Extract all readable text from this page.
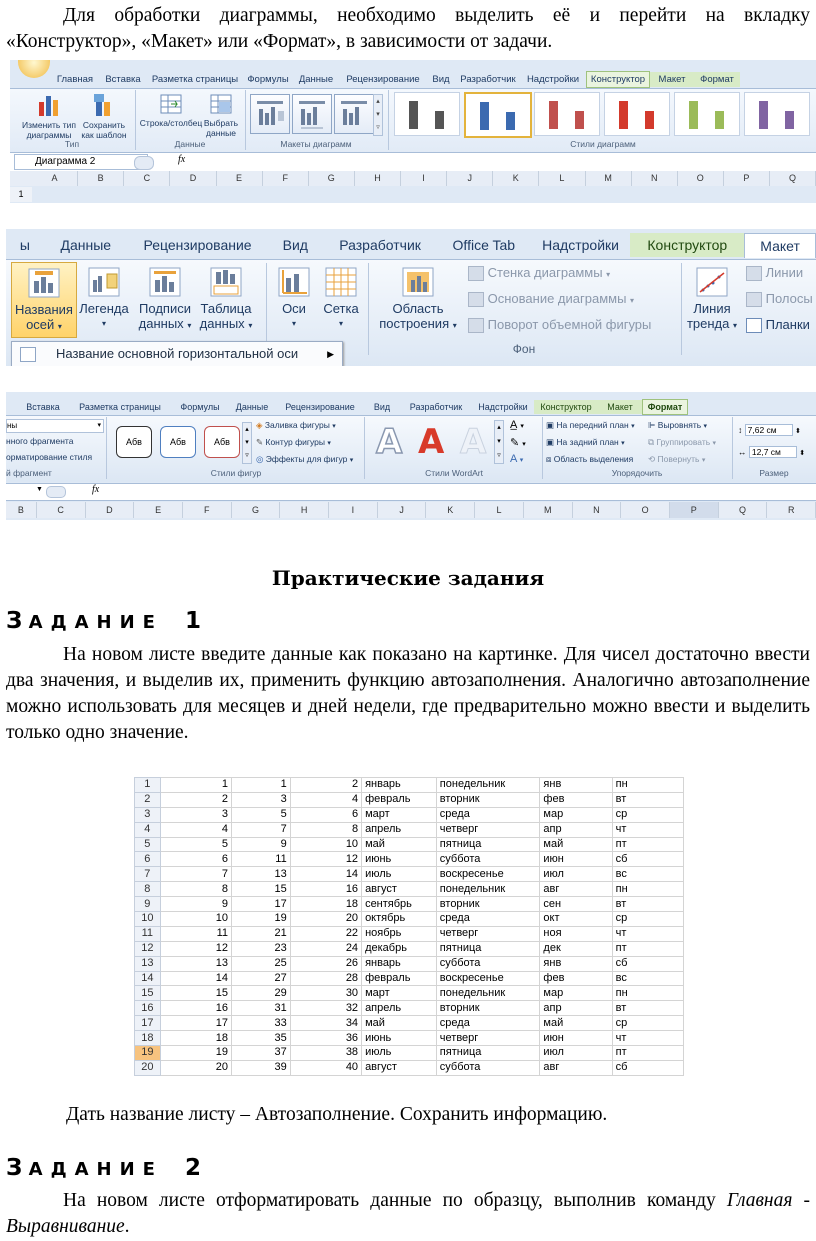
Для обработки диаграммы, необходимо выделить её и перейти на вкладку «Конструктор», «Макет» или «Формат», в зависимости от задачи.
Главная	Вставка	Разметка страницы Формулы	Данные	Рецензирование	Вид	Разработчик	Надстройки	Конструктор	Макет	Формат
Изменить тип
диаграммы
Сохранить
как шаблон
Тип
Строка/столбец Выбрать
данные
Данные
▴
▾
▿
Макеты диаграмм	Стили диаграмм
Диаграмма 2	fx
A	B	C	D	E	F	G	H	I	J	K	L	M	N	O	P	Q
1
ы	Данные	Рецензирование	Вид	Разработчик	Office Tab	Надстройки	Конструктор	Макет
Названия
осей ▾
Легенда
▾
Подписи
данных ▾
Таблица
данных ▾
Оси
▾
Сетка
▾
Область
построения ▾
Стенка диаграммы ▾
Основание диаграммы ▾
Поворот объемной фигуры
Фон
Линия
тренда ▾
Линии
Полосы
Планки
Название основной горизонтальной оси	▶
Вставка	Разметка страницы	Формулы	Данные	Рецензирование	Вид	Разработчик	Надстройки	Конструктор	Макет	Формат
ны	▾
нного фрагмента
орматирование стиля
й фрагмент
Абв	Абв	Абв
▴
▾
▿
◈ Заливка фигуры ▾
✎ Контур фигуры ▾
◎ Эффекты для фигур ▾
Стили фигур
A A A	▴
▾
▿
A̲ ▾
✎ ▾
A ▾
Стили WordArt
▣ На передний план ▾ ⊫ Выровнять ▾
▣ На задний план ▾	⧉ Группировать ▾
⧈ Область выделения ⟲ Повернуть ▾
Упорядочить
↕ 7,62 см	⬍
↔ 12,7 см	⬍
Размер
▼	fx
B	C	D	E	F	G	H	I	J	K	L	M	N	O	P	Q	R
Практические задания
З АДАНИЕ 1
На новом листе введите данные как показано на картинке. Для чисел достаточно ввести два значения, и выделив их, применить функцию автозаполнения. Аналогично автозаполнение можно использовать для месяцев и дней недели, где предварительно можно ввести и выделить только одно значение.
1	1	1	2	январь	понедельник	янв	пн
2	2	3	4	февраль	вторник	фев	вт
3	3	5	6	март	среда	мар	ср
4	4	7	8	апрель	четверг	апр	чт
5	5	9	10	май	пятница	май	пт
6	6	11	12	июнь	суббота	июн	сб
7	7	13	14	июль	воскресенье	июл	вс
8	8	15	16	август	понедельник	авг	пн
9	9	17	18	сентябрь	вторник	сен	вт
10	10	19	20	октябрь	среда	окт	ср
11	11	21	22	ноябрь	четверг	ноя	чт
12	12	23	24	декабрь	пятница	дек	пт
13	13	25	26	январь	суббота	янв	сб
14	14	27	28	февраль	воскресенье	фев	вс
15	15	29	30	март	понедельник	мар	пн
16	16	31	32	апрель	вторник	апр	вт
17	17	33	34	май	среда	май	ср
18	18	35	36	июнь	четверг	июн	чт
19	19	37	38	июль	пятница	июл	пт
20	20	39	40	август	суббота	авг	сб
Дать название листу – Автозаполнение. Сохранить информацию.
З АДАНИЕ 2
На новом листе отформатировать данные по образцу, выполнив команду Главная - Выравнивание.
